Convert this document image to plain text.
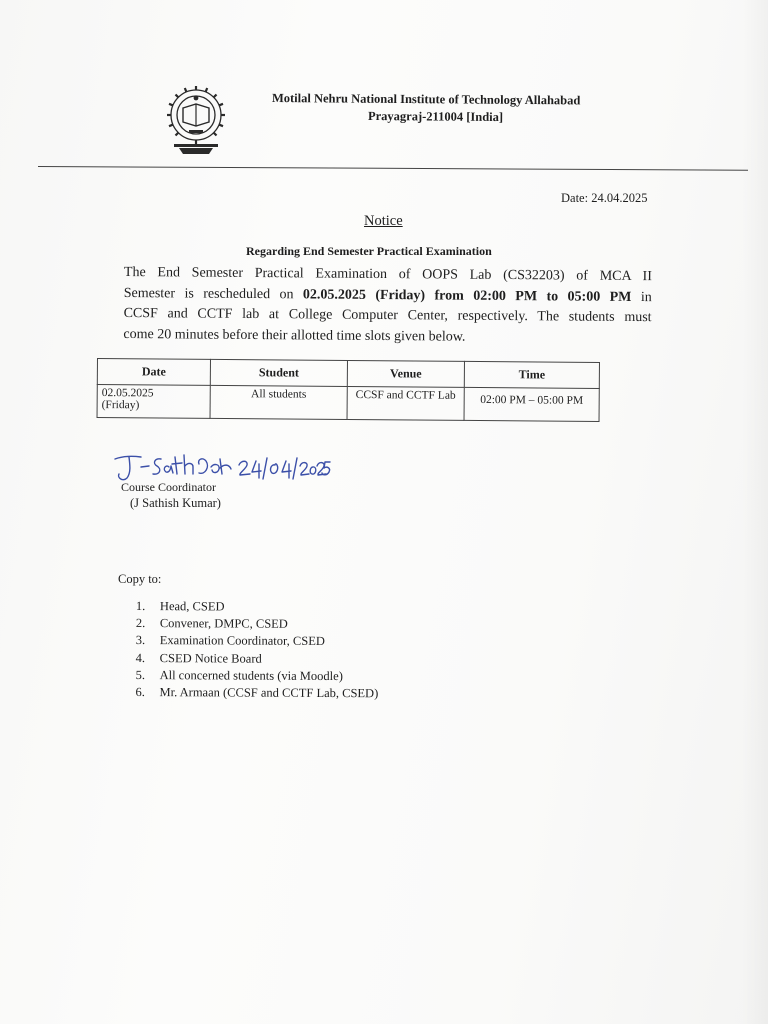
Motilal Nehru National Institute of Technology Allahabad
Prayagraj-211004 [India]
Date: 24.04.2025
Notice
Regarding End Semester Practical Examination
The End Semester Practical Examination of OOPS Lab (CS32203) of MCA II
Semester is rescheduled on 02.05.2025 (Friday) from 02:00 PM to 05:00 PM in
CCSF and CCTF lab at College Computer Center, respectively. The students must
come 20 minutes before their allotted time slots given below.
Date	Student	Venue	Time

02.05.2025
(Friday)	All students	CCSF and CCTF Lab	02:00 PM – 05:00 PM
Course Coordinator
(J Sathish Kumar)
Copy to:
1.	Head, CSED
2.	Convener, DMPC, CSED
3.	Examination Coordinator, CSED
4.	CSED Notice Board
5.	All concerned students (via Moodle)
6.	Mr. Armaan (CCSF and CCTF Lab, CSED)
